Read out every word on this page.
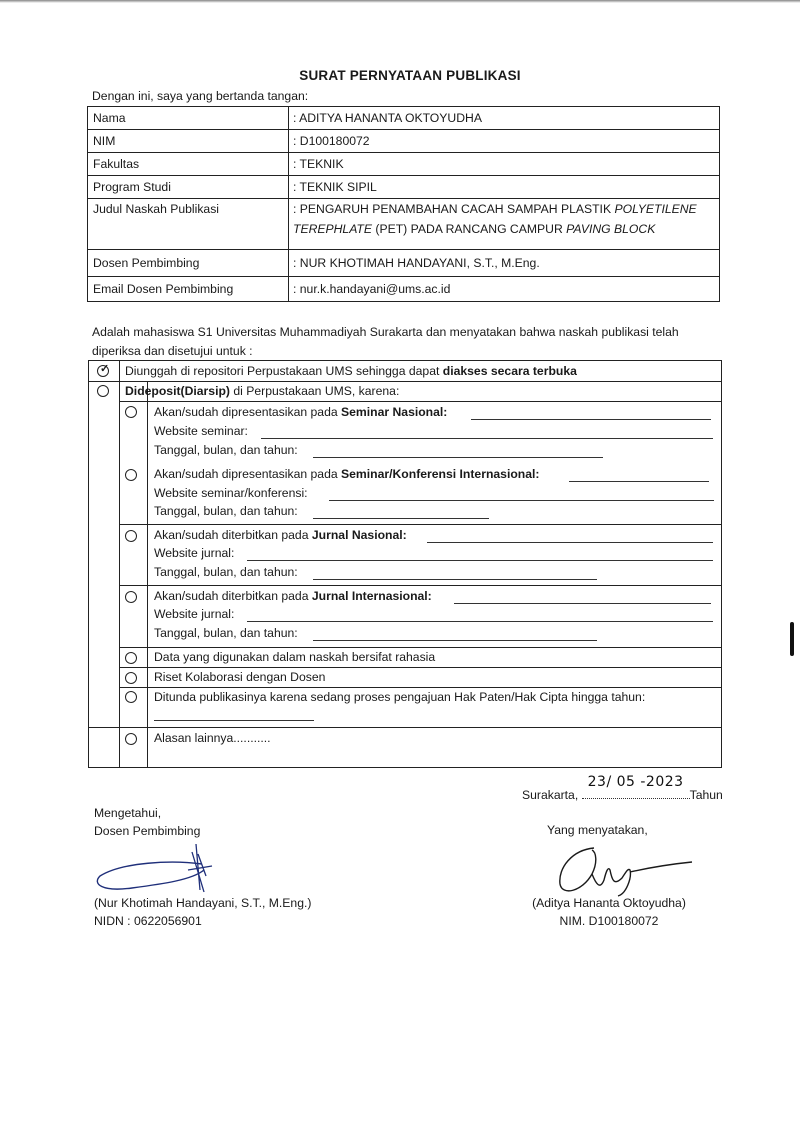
SURAT PERNYATAAN PUBLIKASI
Dengan ini, saya yang bertanda tangan:
Nama	: ADITYA HANANTA OKTOYUDHA
NIM	: D100180072
Fakultas	: TEKNIK
Program Studi	: TEKNIK SIPIL
Judul Naskah Publikasi	: PENGARUH PENAMBAHAN CACAH SAMPAH PLASTIK POLYETILENE
TEREPHLATE (PET) PADA RANCANG CAMPUR PAVING BLOCK
Dosen Pembimbing	: NUR KHOTIMAH HANDAYANI, S.T., M.Eng.
Email Dosen Pembimbing	: nur.k.handayani@ums.ac.id
Adalah mahasiswa S1 Universitas Muhammadiyah Surakarta dan menyatakan bahwa naskah publikasi telah diperiksa dan disetujui untuk :
✓ Diunggah di repositori Perpustakaan UMS sehingga dapat diakses secara terbuka
Dideposit(Diarsip) di Perpustakaan UMS, karena:
Akan/sudah dipresentasikan pada Seminar Nasional:
Website seminar:
Tanggal, bulan, dan tahun:
Akan/sudah dipresentasikan pada Seminar/Konferensi Internasional:
Website seminar/konferensi:
Tanggal, bulan, dan tahun:
Akan/sudah diterbitkan pada Jurnal Nasional:
Website jurnal:
Tanggal, bulan, dan tahun:
Akan/sudah diterbitkan pada Jurnal Internasional:
Website jurnal:
Tanggal, bulan, dan tahun:
Data yang digunakan dalam naskah bersifat rahasia
Riset Kolaborasi dengan Dosen
Ditunda publikasinya karena sedang proses pengajuan Hak Paten/Hak Cipta hingga tahun:
Alasan lainnya...........
Surakarta,
23/ 05 -2023
Tahun
Mengetahui,
Dosen Pembimbing
(Nur Khotimah Handayani, S.T., M.Eng.)
NIDN : 0622056901
Yang menyatakan,
(Aditya Hananta Oktoyudha)
NIM. D100180072
